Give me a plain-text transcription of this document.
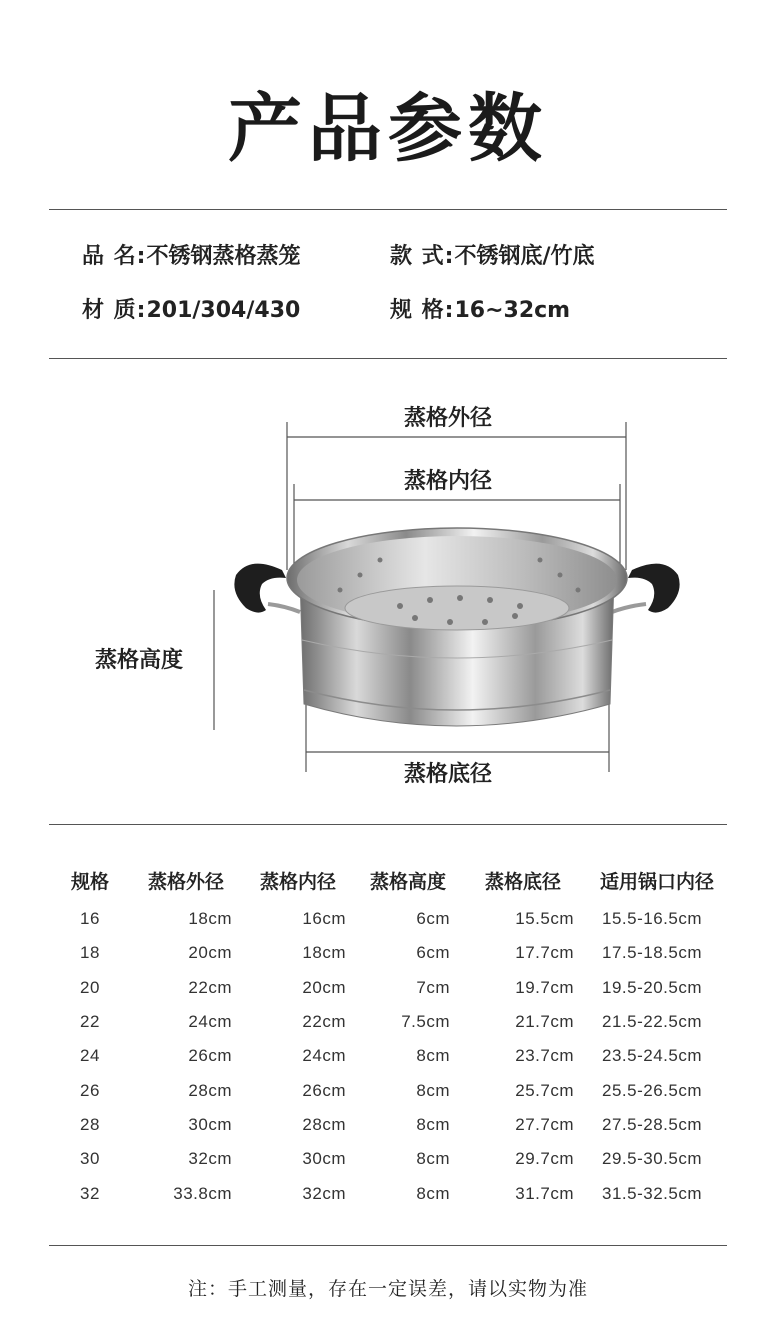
产品参数
品 名:不锈钢蒸格蒸笼	款 式:不锈钢底/竹底
材 质:201/304/430	规 格:16~32cm
蒸格外径
蒸格内径
蒸格高度
蒸格底径
规格	蒸格外径	蒸格内径	蒸格高度	蒸格底径	适用锅口内径
16	18cm	16cm	6cm	15.5cm	15.5-16.5cm
18	20cm	18cm	6cm	17.7cm	17.5-18.5cm
20	22cm	20cm	7cm	19.7cm	19.5-20.5cm
22	24cm	22cm	7.5cm	21.7cm	21.5-22.5cm
24	26cm	24cm	8cm	23.7cm	23.5-24.5cm
26	28cm	26cm	8cm	25.7cm	25.5-26.5cm
28	30cm	28cm	8cm	27.7cm	27.5-28.5cm
30	32cm	30cm	8cm	29.7cm	29.5-30.5cm
32	33.8cm	32cm	8cm	31.7cm	31.5-32.5cm
注：手工测量，存在一定误差，请以实物为准
